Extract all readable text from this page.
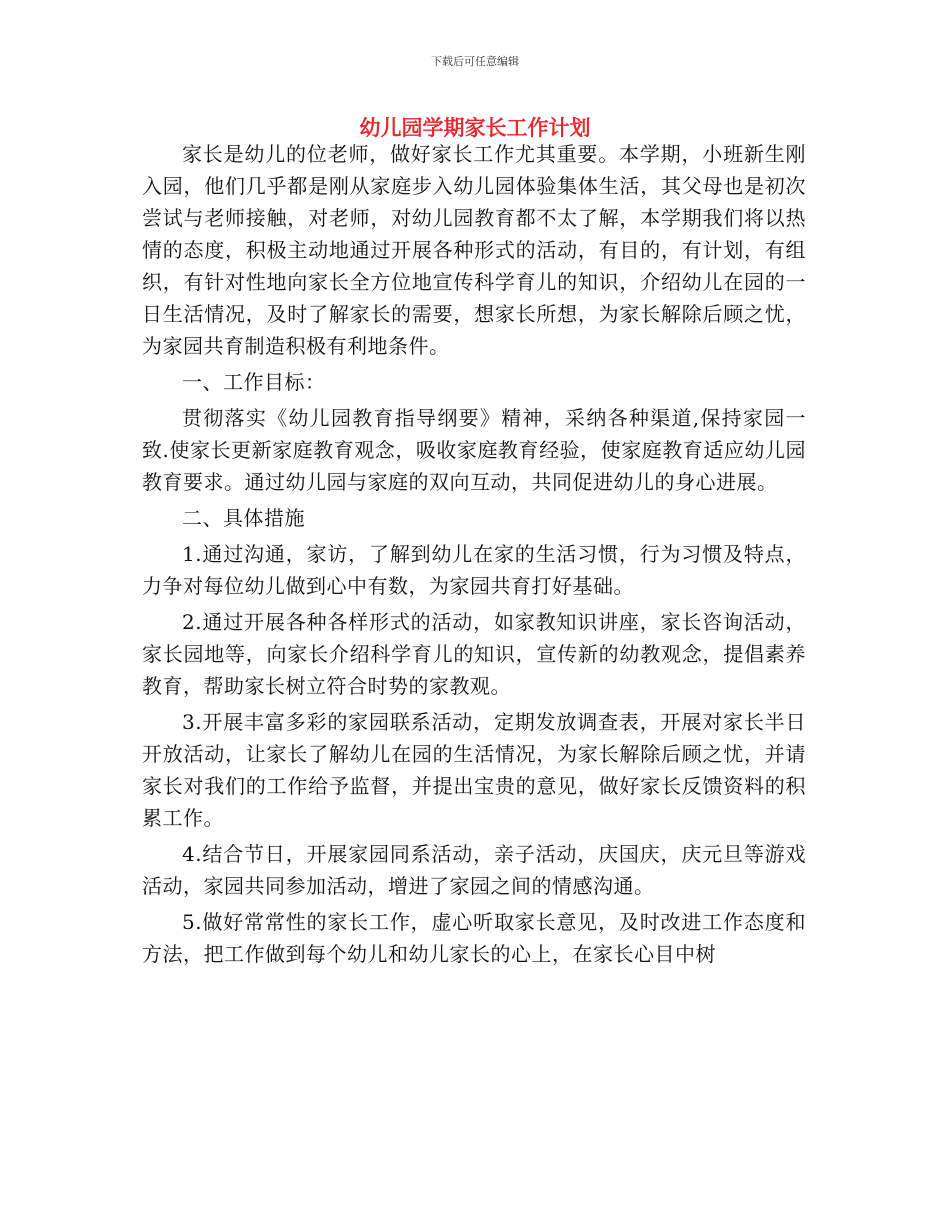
下载后可任意编辑
幼儿园学期家长工作计划

家长是幼儿的位老师，做好家长工作尤其重要。本学期，小班新生刚入园，他们几乎都是刚从家庭步入幼儿园体验集体生活，其父母也是初次尝试与老师接触，对老师，对幼儿园教育都不太了解，本学期我们将以热情的态度，积极主动地通过开展各种形式的活动，有目的，有计划，有组织，有针对性地向家长全方位地宣传科学育儿的知识，介绍幼儿在园的一日生活情况，及时了解家长的需要，想家长所想，为家长解除后顾之忧，为家园共育制造积极有利地条件。

一、工作目标：

贯彻落实《幼儿园教育指导纲要》精神，采纳各种渠道,保持家园一致.使家长更新家庭教育观念，吸收家庭教育经验，使家庭教育适应幼儿园教育要求。通过幼儿园与家庭的双向互动，共同促进幼儿的身心进展。

二、具体措施

1.通过沟通，家访，了解到幼儿在家的生活习惯，行为习惯及特点，力争对每位幼儿做到心中有数，为家园共育打好基础。

2.通过开展各种各样形式的活动，如家教知识讲座，家长咨询活动，家长园地等，向家长介绍科学育儿的知识，宣传新的幼教观念，提倡素养教育，帮助家长树立符合时势的家教观。

3.开展丰富多彩的家园联系活动，定期发放调查表，开展对家长半日开放活动，让家长了解幼儿在园的生活情况，为家长解除后顾之忧，并请家长对我们的工作给予监督，并提出宝贵的意见，做好家长反馈资料的积累工作。

4.结合节日，开展家园同系活动，亲子活动，庆国庆，庆元旦等游戏活动，家园共同参加活动，增进了家园之间的情感沟通。

5.做好常常性的家长工作，虚心听取家长意见，及时改进工作态度和方法，把工作做到每个幼儿和幼儿家长的心上，在家长心目中树
